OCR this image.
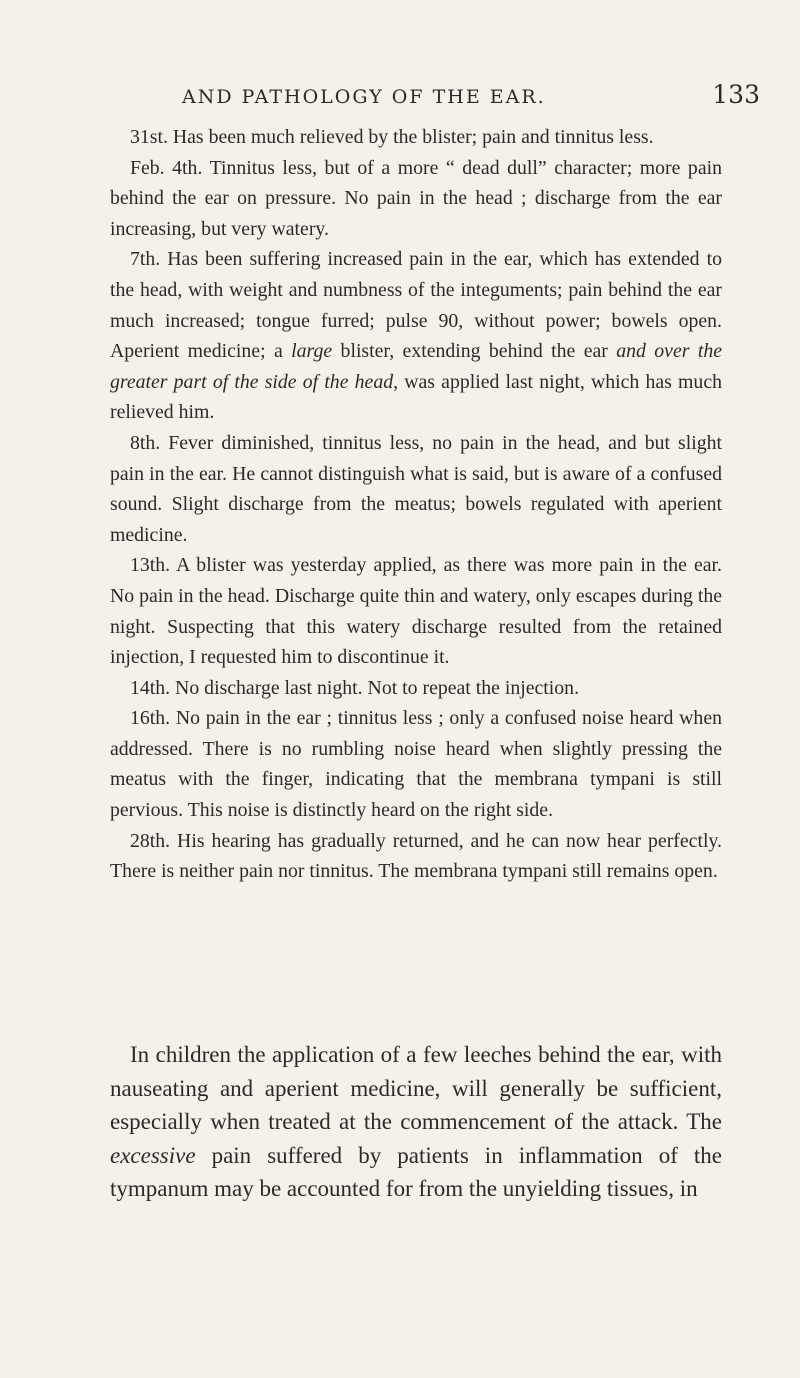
AND PATHOLOGY OF THE EAR.	133

31st. Has been much relieved by the blister; pain and tinnitus less.

Feb. 4th. Tinnitus less, but of a more “ dead dull” character; more pain behind the ear on pressure. No pain in the head ; discharge from the ear increasing, but very watery.

7th. Has been suffering increased pain in the ear, which has extended to the head, with weight and numbness of the integuments; pain behind the ear much increased; tongue furred; pulse 90, without power; bowels open. Aperient medicine; a large blister, extending behind the ear and over the greater part of the side of the head, was applied last night, which has much relieved him.

8th. Fever diminished, tinnitus less, no pain in the head, and but slight pain in the ear. He cannot distinguish what is said, but is aware of a confused sound. Slight discharge from the meatus; bowels regulated with aperient medicine.

13th. A blister was yesterday applied, as there was more pain in the ear. No pain in the head. Discharge quite thin and watery, only escapes during the night. Suspecting that this watery discharge resulted from the retained injection, I requested him to discontinue it.

14th. No discharge last night. Not to repeat the injection.

16th. No pain in the ear ; tinnitus less ; only a confused noise heard when addressed. There is no rumbling noise heard when slightly pressing the meatus with the finger, indicating that the membrana tympani is still pervious. This noise is distinctly heard on the right side.

28th. His hearing has gradually returned, and he can now hear perfectly. There is neither pain nor tinnitus. The membrana tympani still remains open.

In children the application of a few leeches behind the ear, with nauseating and aperient medicine, will generally be sufficient, especially when treated at the commencement of the attack. The excessive pain suffered by patients in inflammation of the tympanum may be accounted for from the unyielding tissues, in
